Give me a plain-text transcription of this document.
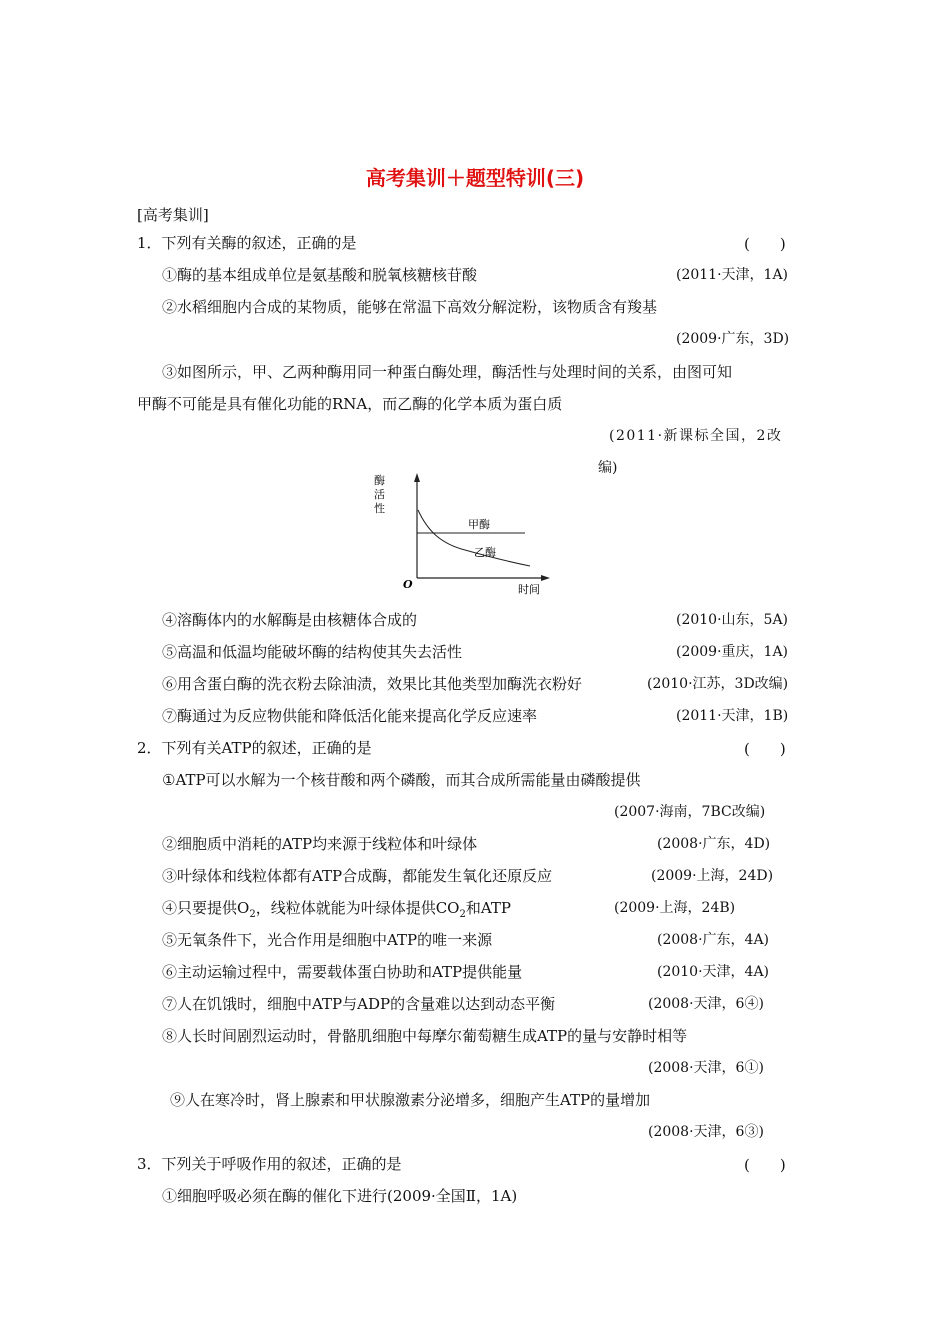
高考集训＋题型特训(三)
[高考集训]
1．下列有关酶的叙述，正确的是	(　　)
①酶的基本组成单位是氨基酸和脱氧核糖核苷酸	(2011·天津，1A)
②水稻细胞内合成的某物质，能够在常温下高效分解淀粉，该物质含有羧基
(2009·广东，3D)
③如图所示，甲、乙两种酶用同一种蛋白酶处理，酶活性与处理时间的关系，由图可知
甲酶不可能是具有催化功能的RNA，而乙酶的化学本质为蛋白质
(2011·新课标全国，2改
编)
酶
活
性
O	时间
甲酶
乙酶
④溶酶体内的水解酶是由核糖体合成的	(2010·山东，5A)
⑤高温和低温均能破坏酶的结构使其失去活性	(2009·重庆，1A)
⑥用含蛋白酶的洗衣粉去除油渍，效果比其他类型加酶洗衣粉好	(2010·江苏，3D改编)
⑦酶通过为反应物供能和降低活化能来提高化学反应速率	(2011·天津，1B)
2．下列有关ATP的叙述，正确的是	(　　)
①ATP可以水解为一个核苷酸和两个磷酸，而其合成所需能量由磷酸提供
(2007·海南，7BC改编)
②细胞质中消耗的ATP均来源于线粒体和叶绿体	(2008·广东，4D)
③叶绿体和线粒体都有ATP合成酶，都能发生氧化还原反应	(2009·上海，24D)
④只要提供$O_2$，线粒体就能为叶绿体提供$CO_2$和ATP	(2009·上海，24B)
⑤无氧条件下，光合作用是细胞中ATP的唯一来源	(2008·广东，4A)
⑥主动运输过程中，需要载体蛋白协助和ATP提供能量	(2010·天津，4A)
⑦人在饥饿时，细胞中ATP与ADP的含量难以达到动态平衡	(2008·天津，6④)
⑧人长时间剧烈运动时，骨骼肌细胞中每摩尔葡萄糖生成ATP的量与安静时相等
(2008·天津，6①)
⑨人在寒冷时，肾上腺素和甲状腺激素分泌增多，细胞产生ATP的量增加
(2008·天津，6③)
3．下列关于呼吸作用的叙述，正确的是	(　　)
①细胞呼吸必须在酶的催化下进行(2009·全国Ⅱ，1A)
